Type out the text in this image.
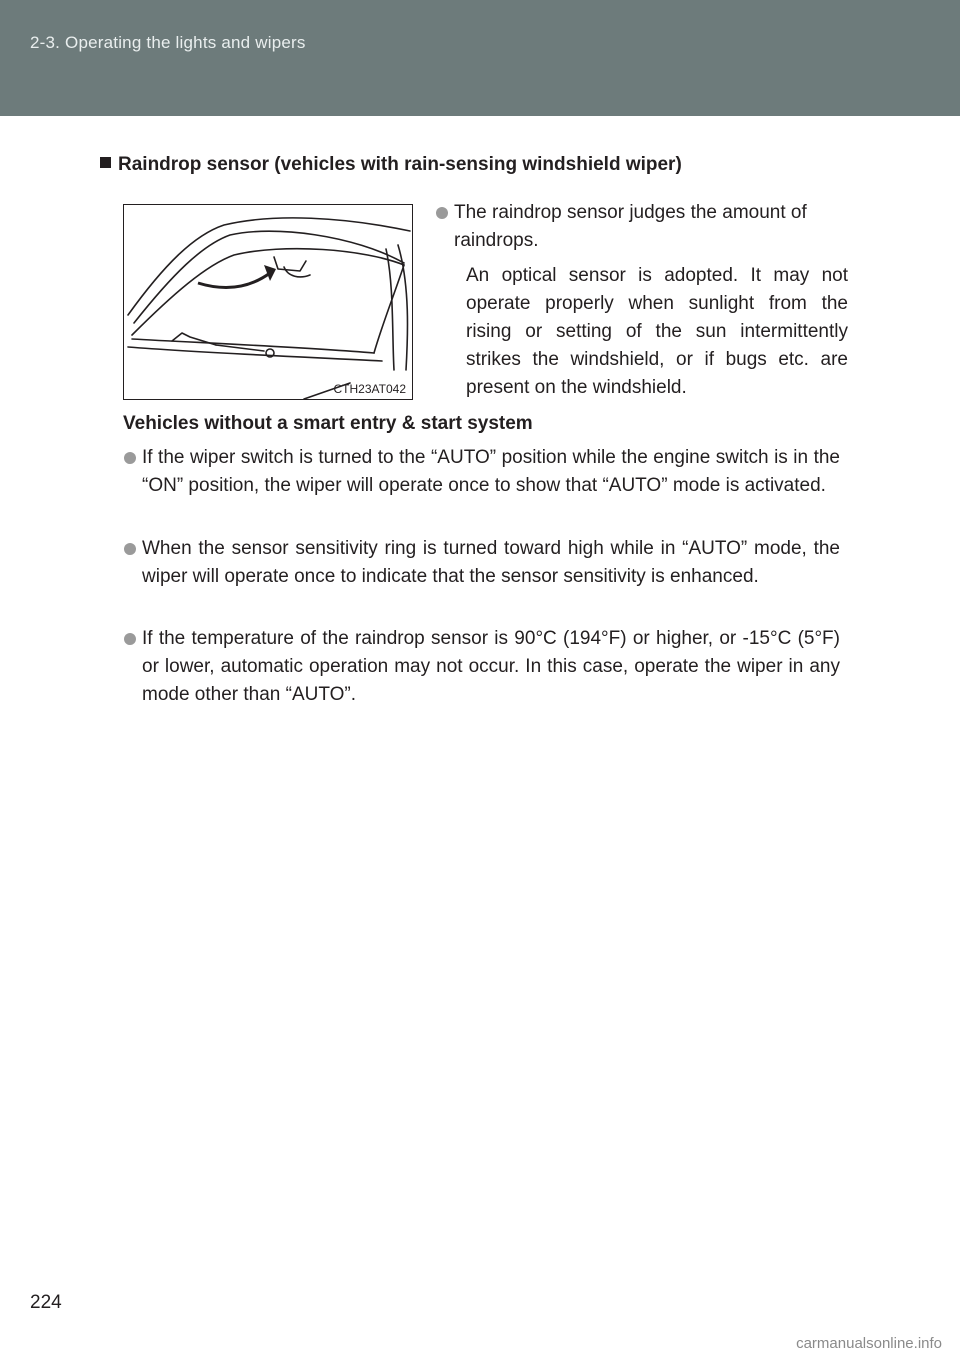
2-3. Operating the lights and wipers
Raindrop sensor (vehicles with rain-sensing windshield wiper)
CTH23AT042
The raindrop sensor judges the amount of raindrops.
An optical sensor is adopted. It may not operate properly when sunlight from the rising or setting of the sun intermittently strikes the windshield, or if bugs etc. are present on the windshield.
Vehicles without a smart entry & start system
If the wiper switch is turned to the “AUTO” position while the engine switch is in the “ON” position, the wiper will operate once to show that “AUTO” mode is activated.
When the sensor sensitivity ring is turned toward high while in “AUTO” mode, the wiper will operate once to indicate that the sensor sensitivity is enhanced.
If the temperature of the raindrop sensor is 90°C (194°F) or higher, or -15°C (5°F) or lower, automatic operation may not occur. In this case, operate the wiper in any mode other than “AUTO”.
224
carmanualsonline.info
